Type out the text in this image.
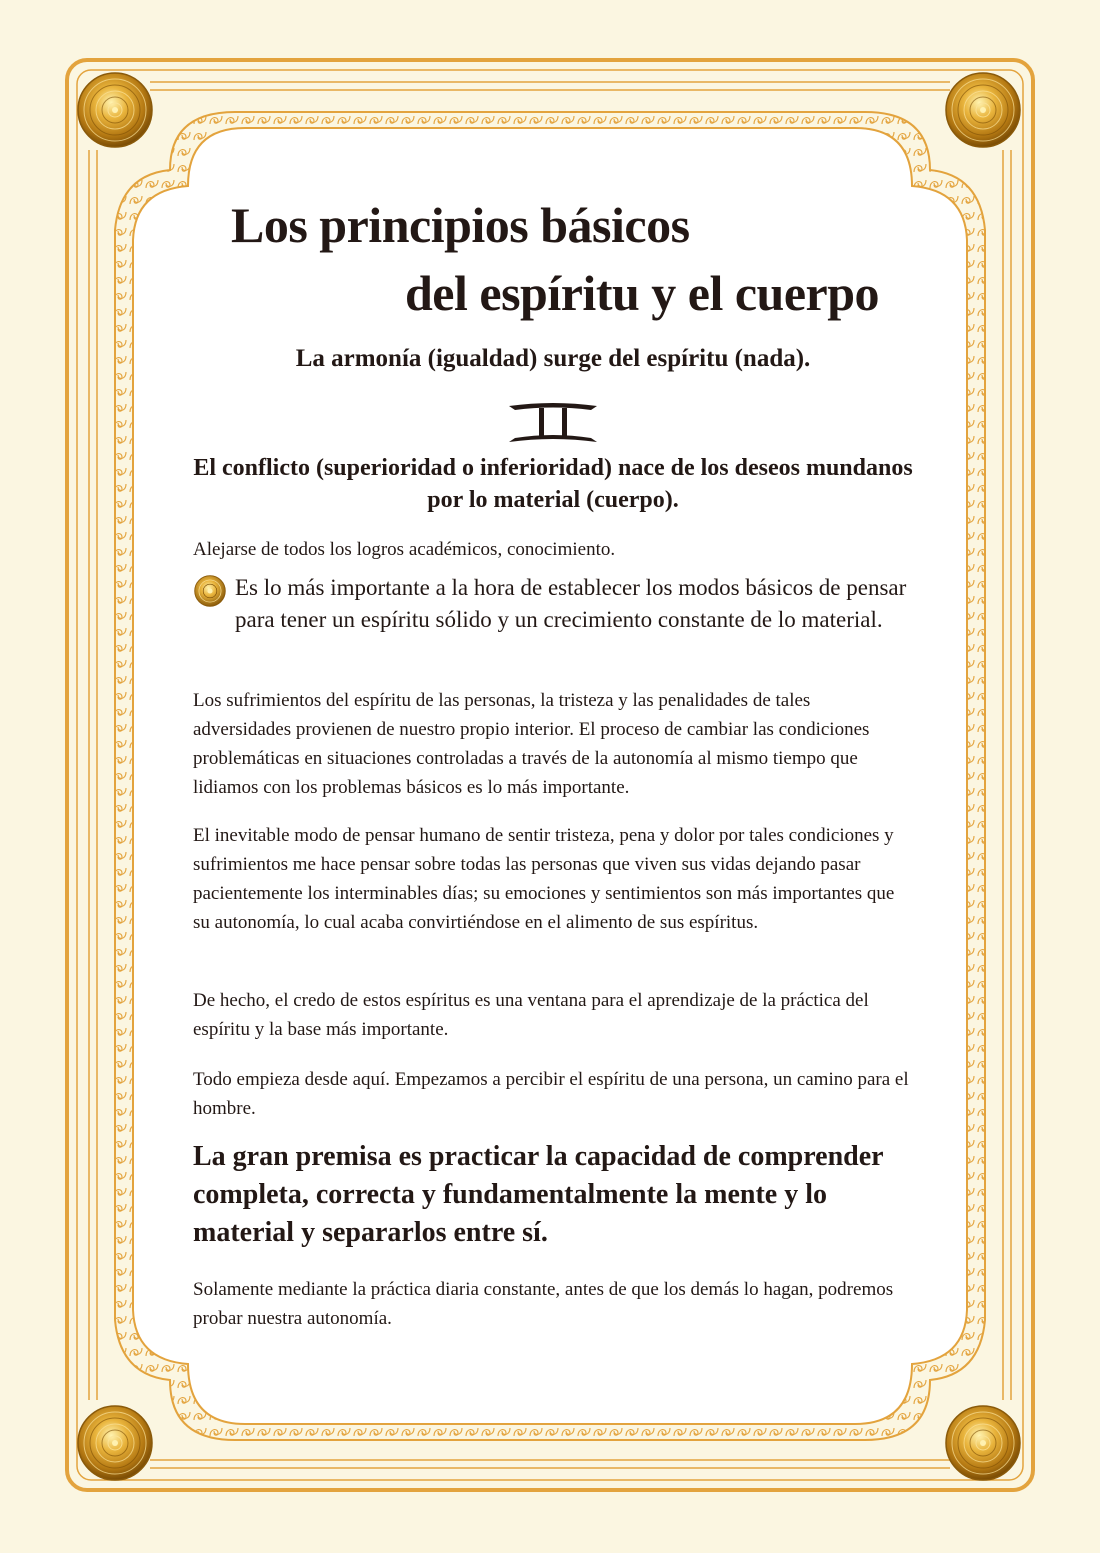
Los principios básicos
del espíritu y el cuerpo

La armonía (igualdad) surge del espíritu (nada).

El conflicto (superioridad o inferioridad) nace de los deseos mundanos por lo material (cuerpo).

Alejarse de todos los logros académicos, conocimiento.

Es lo más importante a la hora de establecer los modos básicos de pensar para tener un espíritu sólido y un crecimiento constante de lo material.

Los sufrimientos del espíritu de las personas, la tristeza y las penalidades de tales adversidades provienen de nuestro propio interior. El proceso de cambiar las condiciones problemáticas en situaciones controladas a través de la autonomía al mismo tiempo que lidiamos con los problemas básicos es lo más importante.

El inevitable modo de pensar humano de sentir tristeza, pena y dolor por tales condiciones y sufrimientos me hace pensar sobre todas las personas que viven sus vidas dejando pasar pacientemente los interminables días; su emociones y sentimientos son más importantes que su autonomía, lo cual acaba convirtiéndose en el alimento de sus espíritus.

De hecho, el credo de estos espíritus es una ventana para el aprendizaje de la práctica del espíritu y la base más importante.

Todo empieza desde aquí. Empezamos a percibir el espíritu de una persona, un camino para el hombre.

La gran premisa es practicar la capacidad de comprender completa, correcta y fundamentalmente la mente y lo material y separarlos entre sí.

Solamente mediante la práctica diaria constante, antes de que los demás lo hagan, podremos probar nuestra autonomía.
